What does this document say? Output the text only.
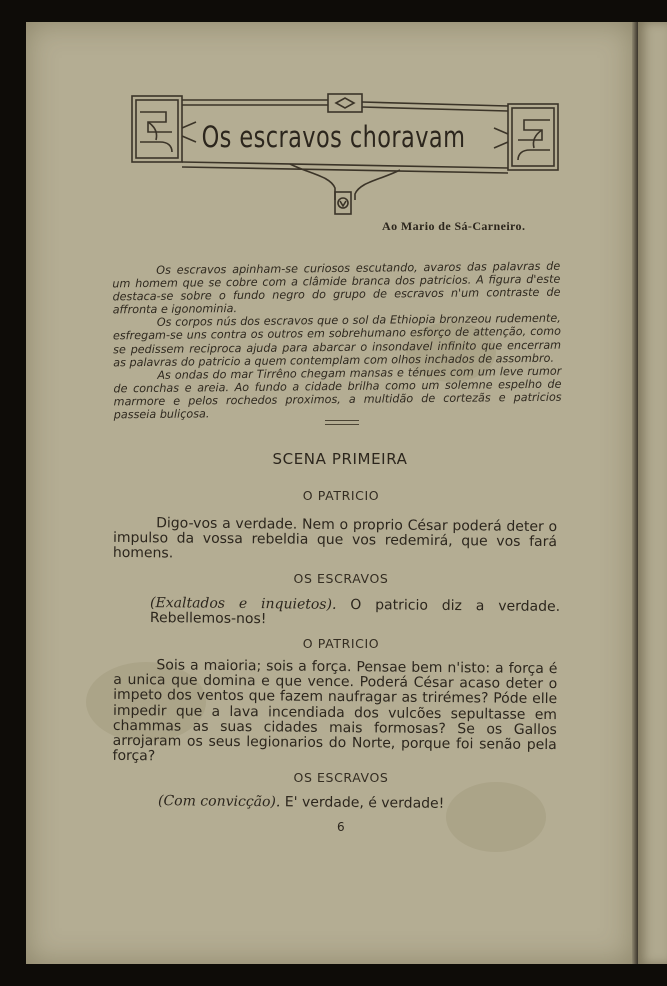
Os escravos choravam
Ao Mario de Sá-Carneiro.

Os escravos apinham-se curiosos escutando, avaros das palavras de um homem que se cobre com a clâmide branca dos patricios. A figura d'este destaca-se sobre o fundo negro do grupo de escravos n'um contraste de affronta e igonominia.

Os corpos nús dos escravos que o sol da Ethiopia bronzeou rudemente, esfregam-se uns contra os outros em sobrehumano esforço de attenção, como se pedissem reciproca ajuda para abarcar o insondavel infinito que encerram as palavras do patricio a quem contemplam com olhos inchados de assombro.

As ondas do mar Tirrêno chegam mansas e ténues com um leve rumor de conchas e areia. Ao fundo a cidade brilha como um solemne espelho de marmore e pelos rochedos proximos, a multidão de cortezãs e patricios passeia buliçosa.

SCENA PRIMEIRA
O PATRICIO

Digo-vos a verdade. Nem o proprio César poderá deter o impulso da vossa rebeldia que vos redemirá, que vos fará homens.

OS ESCRAVOS

(Exaltados e inquietos). O patricio diz a verdade. Rebellemos-nos!

O PATRICIO

Sois a maioria; sois a força. Pensae bem n'isto: a força é a unica que domina e que vence. Poderá César acaso deter o impeto dos ventos que fazem naufragar as trirémes? Póde elle impedir que a lava incendiada dos vulcões sepultasse em chammas as suas cidades mais formosas? Se os Gallos arrojaram os seus legionarios do Norte, porque foi senão pela força?

OS ESCRAVOS

(Com convicção). E' verdade, é verdade!

6
